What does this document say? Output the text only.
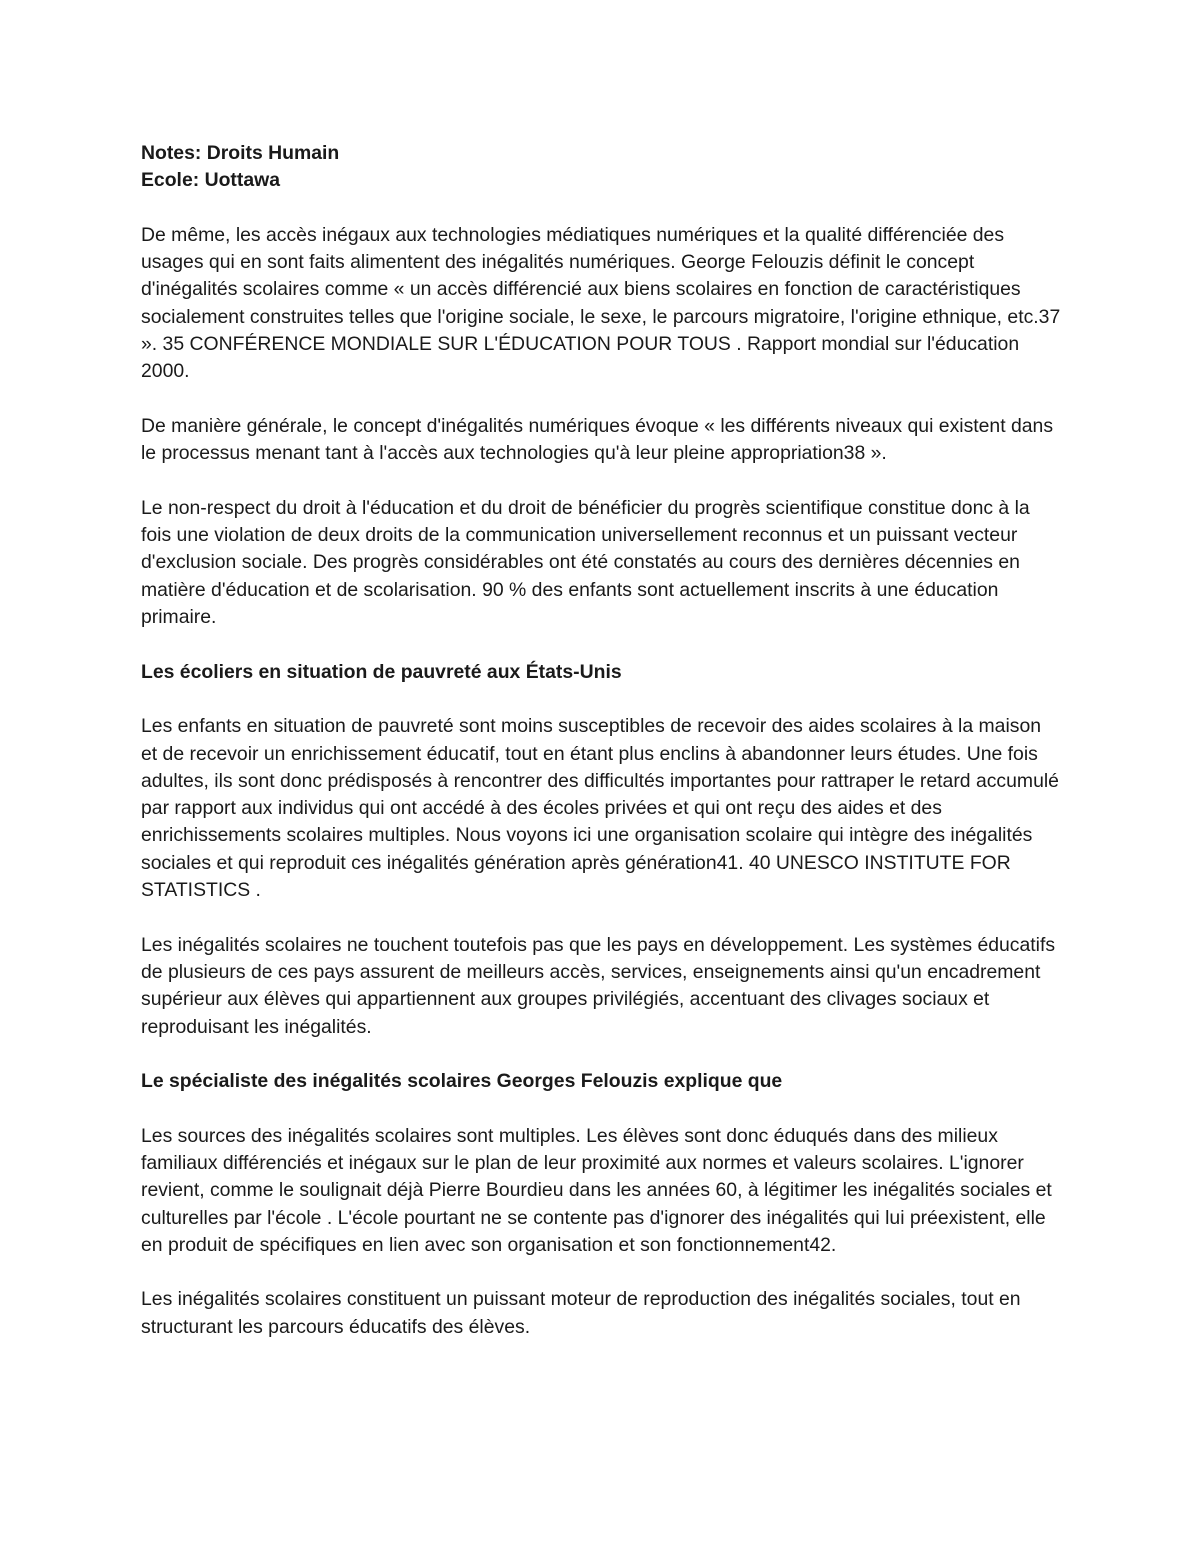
Notes: Droits Humain

Ecole: Uottawa

De même, les accès inégaux aux technologies médiatiques numériques et la qualité différenciée des usages qui en sont faits alimentent des inégalités numériques. George Felouzis définit le concept d'inégalités scolaires comme « un accès différencié aux biens scolaires en fonction de caractéristiques socialement construites telles que l'origine sociale, le sexe, le parcours migratoire, l'origine ethnique, etc.37 ». 35 CONFÉRENCE MONDIALE SUR L'ÉDUCATION POUR TOUS . Rapport mondial sur l'éducation 2000.

De manière générale, le concept d'inégalités numériques évoque « les différents niveaux qui existent dans le processus menant tant à l'accès aux technologies qu'à leur pleine appropriation38 ».

Le non-respect du droit à l'éducation et du droit de bénéficier du progrès scientifique constitue donc à la fois une violation de deux droits de la communication universellement reconnus et un puissant vecteur d'exclusion sociale. Des progrès considérables ont été constatés au cours des dernières décennies en matière d'éducation et de scolarisation. 90 % des enfants sont actuellement inscrits à une éducation primaire.

Les écoliers en situation de pauvreté aux États-Unis

Les enfants en situation de pauvreté sont moins susceptibles de recevoir des aides scolaires à la maison et de recevoir un enrichissement éducatif, tout en étant plus enclins à abandonner leurs études. Une fois adultes, ils sont donc prédisposés à rencontrer des difficultés importantes pour rattraper le retard accumulé par rapport aux individus qui ont accédé à des écoles privées et qui ont reçu des aides et des enrichissements scolaires multiples. Nous voyons ici une organisation scolaire qui intègre des inégalités sociales et qui reproduit ces inégalités génération après génération41. 40 UNESCO INSTITUTE FOR STATISTICS .

Les inégalités scolaires ne touchent toutefois pas que les pays en développement. Les systèmes éducatifs de plusieurs de ces pays assurent de meilleurs accès, services, enseignements ainsi qu'un encadrement supérieur aux élèves qui appartiennent aux groupes privilégiés, accentuant des clivages sociaux et reproduisant les inégalités.

Le spécialiste des inégalités scolaires Georges Felouzis explique que

Les sources des inégalités scolaires sont multiples. Les élèves sont donc éduqués dans des milieux familiaux différenciés et inégaux sur le plan de leur proximité aux normes et valeurs scolaires. L'ignorer revient, comme le soulignait déjà Pierre Bourdieu dans les années 60, à légitimer les inégalités sociales et culturelles par l'école . L'école pourtant ne se contente pas d'ignorer des inégalités qui lui préexistent, elle en produit de spécifiques en lien avec son organisation et son fonctionnement42.

Les inégalités scolaires constituent un puissant moteur de reproduction des inégalités sociales, tout en structurant les parcours éducatifs des élèves.
